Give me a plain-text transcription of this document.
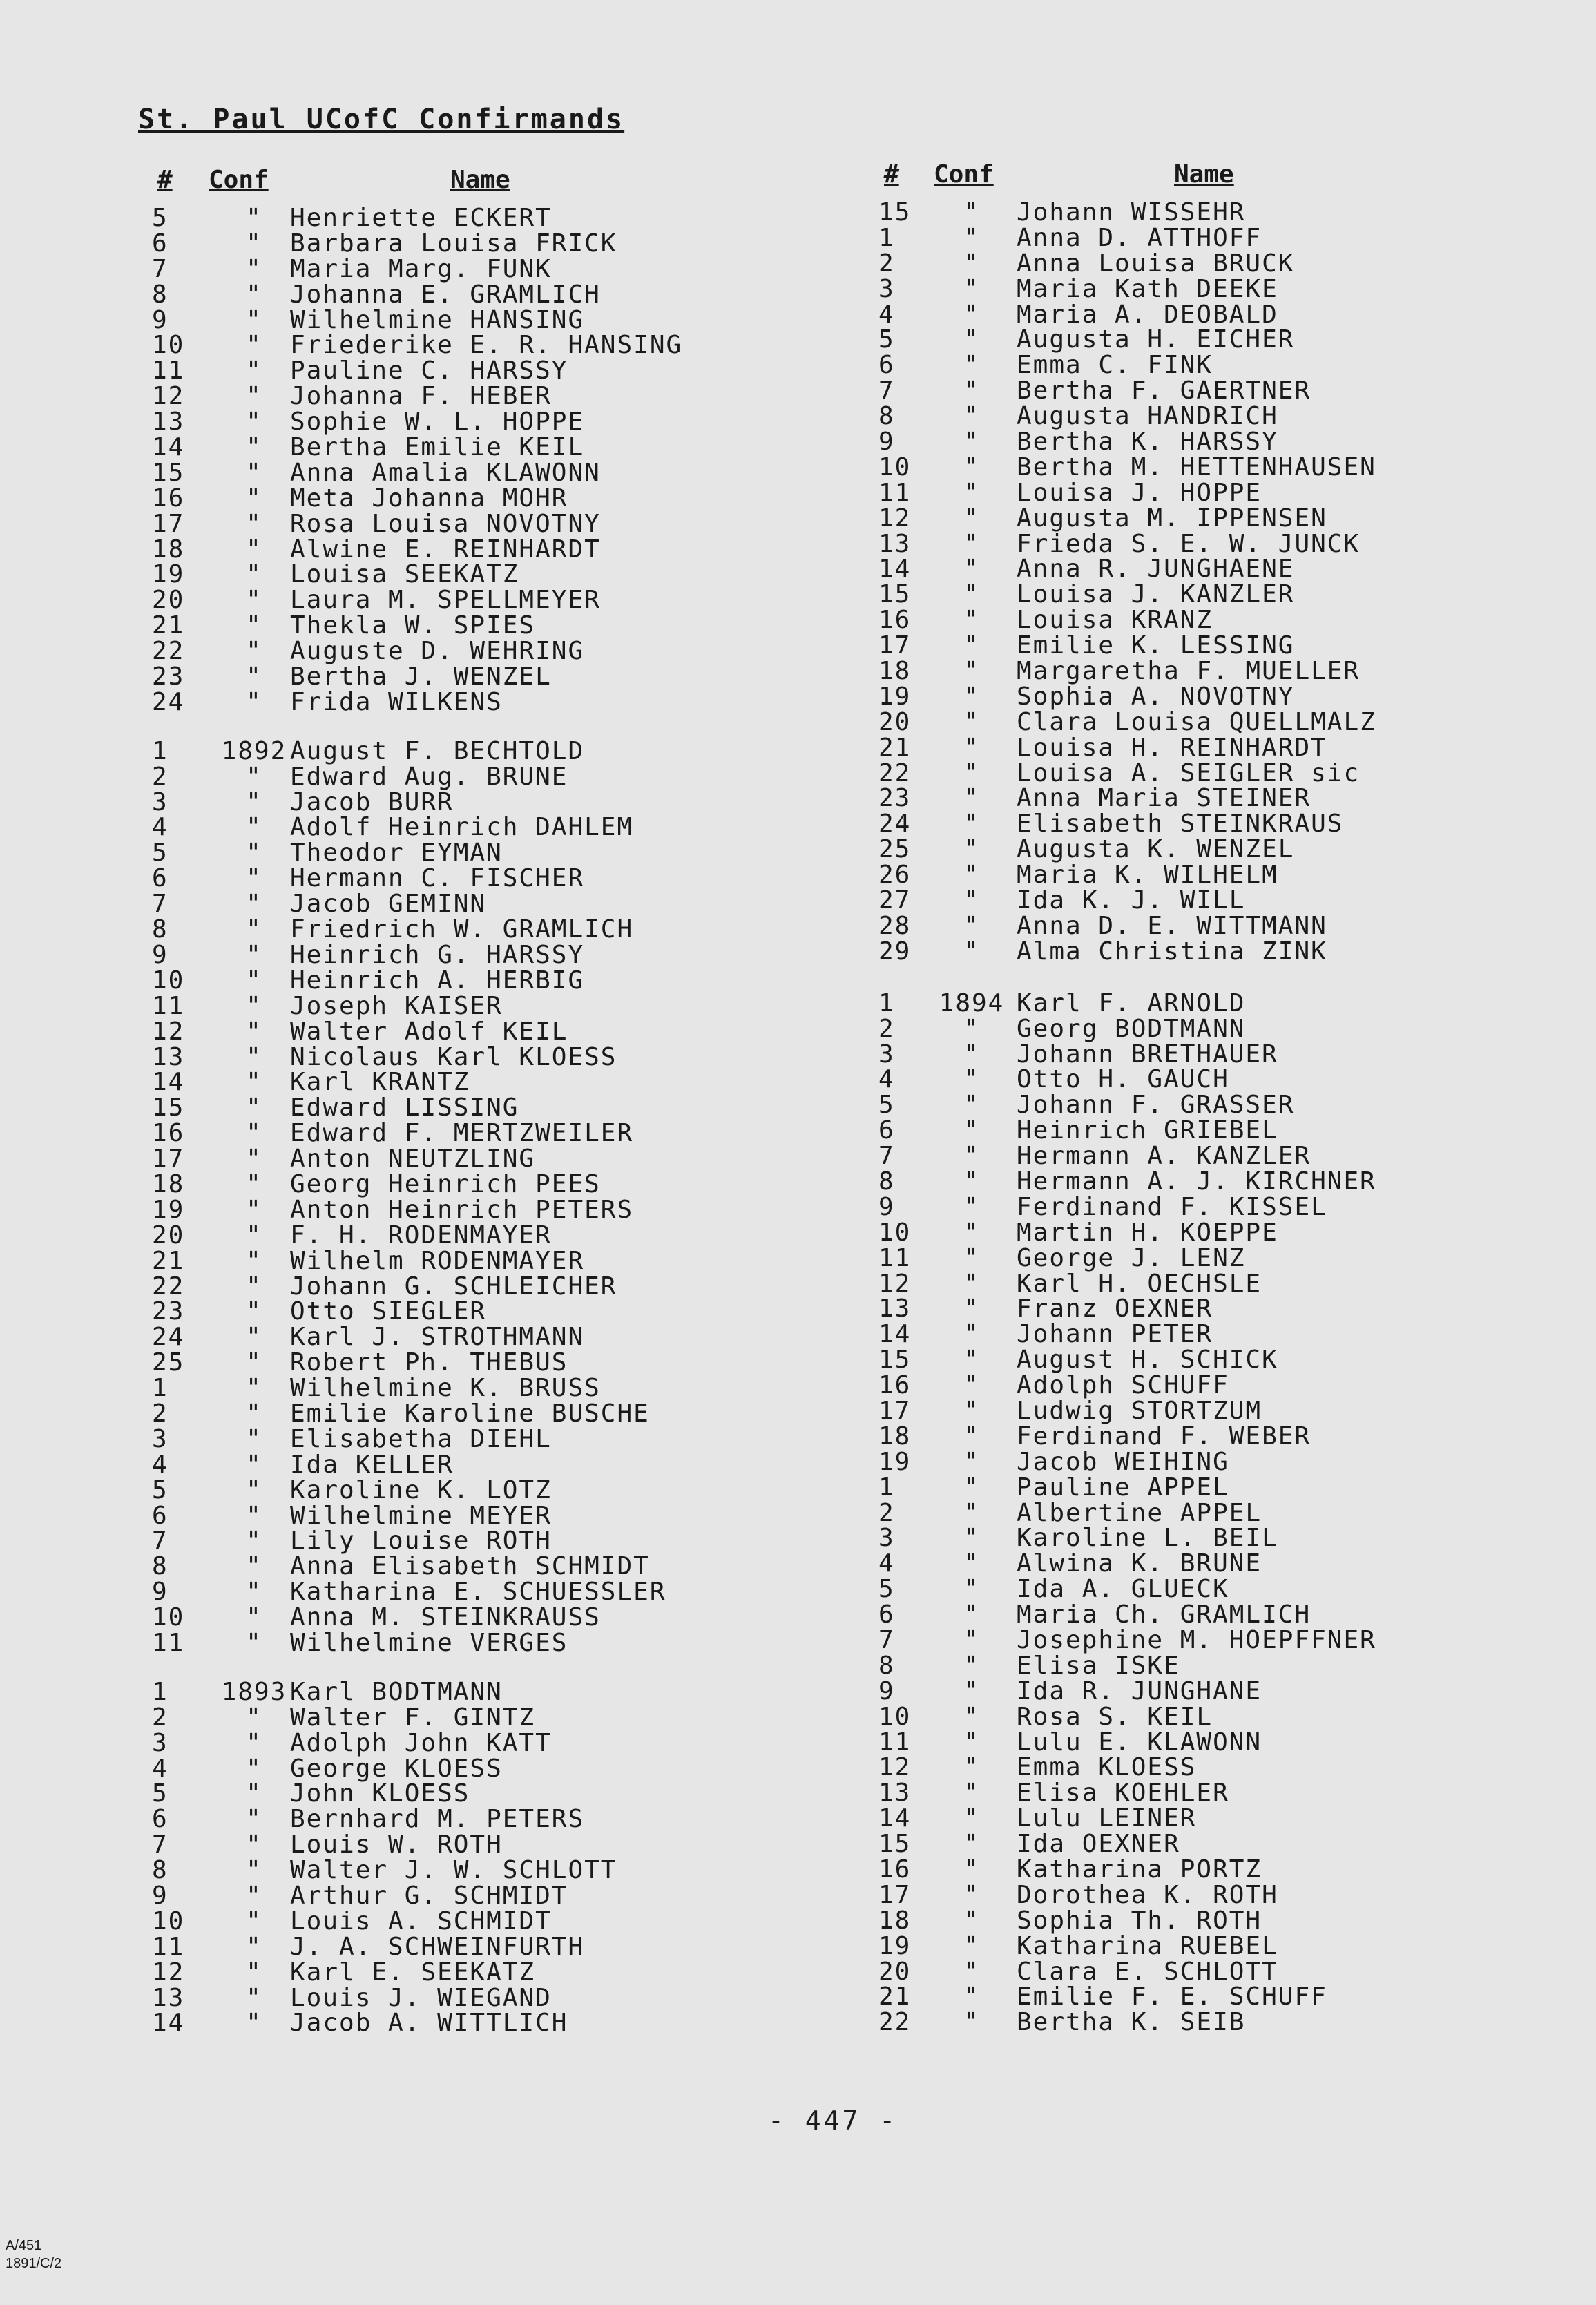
St. Paul UCofC Confirmands
# Conf	Name
5	"	Henriette ECKERT
6	"	Barbara Louisa FRICK
7	"	Maria Marg. FUNK
8	"	Johanna E. GRAMLICH
9	"	Wilhelmine HANSING
10	"	Friederike E. R. HANSING
11	"	Pauline C. HARSSY
12	"	Johanna F. HEBER
13	"	Sophie W. L. HOPPE
14	"	Bertha Emilie KEIL
15	"	Anna Amalia KLAWONN
16	"	Meta Johanna MOHR
17	"	Rosa Louisa NOVOTNY
18	"	Alwine E. REINHARDT
19	"	Louisa SEEKATZ
20	"	Laura M. SPELLMEYER
21	"	Thekla W. SPIES
22	"	Auguste D. WEHRING
23	"	Bertha J. WENZEL
24	"	Frida WILKENS
1	1892 August F. BECHTOLD
2	"	Edward Aug. BRUNE
3	"	Jacob BURR
4	"	Adolf Heinrich DAHLEM
5	"	Theodor EYMAN
6	"	Hermann C. FISCHER
7	"	Jacob GEMINN
8	"	Friedrich W. GRAMLICH
9	"	Heinrich G. HARSSY
10	"	Heinrich A. HERBIG
11	"	Joseph KAISER
12	"	Walter Adolf KEIL
13	"	Nicolaus Karl KLOESS
14	"	Karl KRANTZ
15	"	Edward LISSING
16	"	Edward F. MERTZWEILER
17	"	Anton NEUTZLING
18	"	Georg Heinrich PEES
19	"	Anton Heinrich PETERS
20	"	F. H. RODENMAYER
21	"	Wilhelm RODENMAYER
22	"	Johann G. SCHLEICHER
23	"	Otto SIEGLER
24	"	Karl J. STROTHMANN
25	"	Robert Ph. THEBUS
1	"	Wilhelmine K. BRUSS
2	"	Emilie Karoline BUSCHE
3	"	Elisabetha DIEHL
4	"	Ida KELLER
5	"	Karoline K. LOTZ
6	"	Wilhelmine MEYER
7	"	Lily Louise ROTH
8	"	Anna Elisabeth SCHMIDT
9	"	Katharina E. SCHUESSLER
10	"	Anna M. STEINKRAUSS
11	"	Wilhelmine VERGES
1	1893 Karl BODTMANN
2	"	Walter F. GINTZ
3	"	Adolph John KATT
4	"	George KLOESS
5	"	John KLOESS
6	"	Bernhard M. PETERS
7	"	Louis W. ROTH
8	"	Walter J. W. SCHLOTT
9	"	Arthur G. SCHMIDT
10	"	Louis A. SCHMIDT
11	"	J. A. SCHWEINFURTH
12	"	Karl E. SEEKATZ
13	"	Louis J. WIEGAND
14	"	Jacob A. WITTLICH
# Conf	Name
15	"	Johann WISSEHR
1	"	Anna D. ATTHOFF
2	"	Anna Louisa BRUCK
3	"	Maria Kath DEEKE
4	"	Maria A. DEOBALD
5	"	Augusta H. EICHER
6	"	Emma C. FINK
7	"	Bertha F. GAERTNER
8	"	Augusta HANDRICH
9	"	Bertha K. HARSSY
10	"	Bertha M. HETTENHAUSEN
11	"	Louisa J. HOPPE
12	"	Augusta M. IPPENSEN
13	"	Frieda S. E. W. JUNCK
14	"	Anna R. JUNGHAENE
15	"	Louisa J. KANZLER
16	"	Louisa KRANZ
17	"	Emilie K. LESSING
18	"	Margaretha F. MUELLER
19	"	Sophia A. NOVOTNY
20	"	Clara Louisa QUELLMALZ
21	"	Louisa H. REINHARDT
22	"	Louisa A. SEIGLER sic
23	"	Anna Maria STEINER
24	"	Elisabeth STEINKRAUS
25	"	Augusta K. WENZEL
26	"	Maria K. WILHELM
27	"	Ida K. J. WILL
28	"	Anna D. E. WITTMANN
29	"	Alma Christina ZINK
1	1894 Karl F. ARNOLD
2	"	Georg BODTMANN
3	"	Johann BRETHAUER
4	"	Otto H. GAUCH
5	"	Johann F. GRASSER
6	"	Heinrich GRIEBEL
7	"	Hermann A. KANZLER
8	"	Hermann A. J. KIRCHNER
9	"	Ferdinand F. KISSEL
10	"	Martin H. KOEPPE
11	"	George J. LENZ
12	"	Karl H. OECHSLE
13	"	Franz OEXNER
14	"	Johann PETER
15	"	August H. SCHICK
16	"	Adolph SCHUFF
17	"	Ludwig STORTZUM
18	"	Ferdinand F. WEBER
19	"	Jacob WEIHING
1	"	Pauline APPEL
2	"	Albertine APPEL
3	"	Karoline L. BEIL
4	"	Alwina K. BRUNE
5	"	Ida A. GLUECK
6	"	Maria Ch. GRAMLICH
7	"	Josephine M. HOEPFFNER
8	"	Elisa ISKE
9	"	Ida R. JUNGHANE
10	"	Rosa S. KEIL
11	"	Lulu E. KLAWONN
12	"	Emma KLOESS
13	"	Elisa KOEHLER
14	"	Lulu LEINER
15	"	Ida OEXNER
16	"	Katharina PORTZ
17	"	Dorothea K. ROTH
18	"	Sophia Th. ROTH
19	"	Katharina RUEBEL
20	"	Clara E. SCHLOTT
21	"	Emilie F. E. SCHUFF
22	"	Bertha K. SEIB
- 447 -
A/451
1891/C/2
